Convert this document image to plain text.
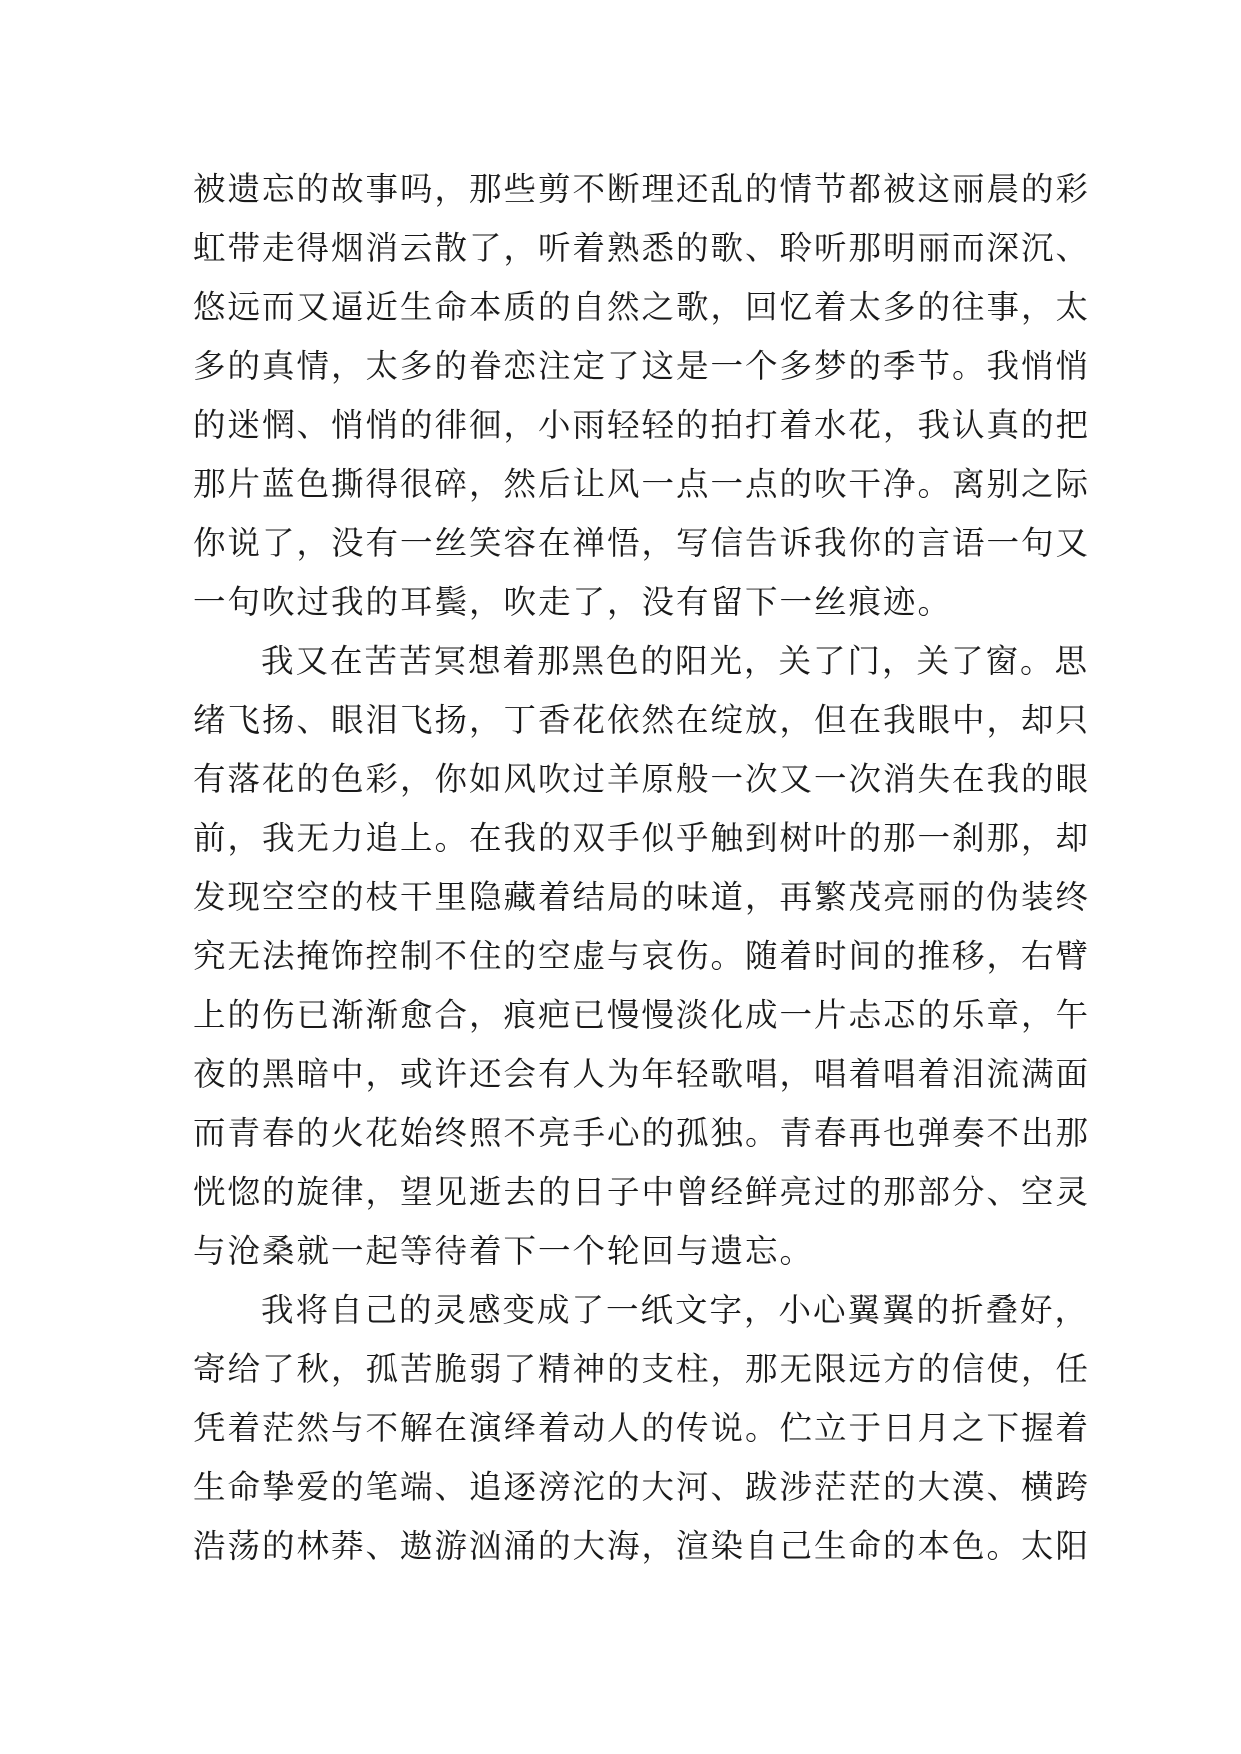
被遗忘的故事吗，那些剪不断理还乱的情节都被这丽晨的彩
虹带走得烟消云散了，听着熟悉的歌、聆听那明丽而深沉、
悠远而又逼近生命本质的自然之歌，回忆着太多的往事，太
多的真情，太多的眷恋注定了这是一个多梦的季节。我悄悄
的迷惘、悄悄的徘徊，小雨轻轻的拍打着水花，我认真的把
那片蓝色撕得很碎，然后让风一点一点的吹干净。离别之际
你说了，没有一丝笑容在禅悟，写信告诉我你的言语一句又
一句吹过我的耳鬓，吹走了，没有留下一丝痕迹。
我又在苦苦冥想着那黑色的阳光，关了门，关了窗。思
绪飞扬、眼泪飞扬，丁香花依然在绽放，但在我眼中，却只
有落花的色彩，你如风吹过羊原般一次又一次消失在我的眼
前，我无力追上。在我的双手似乎触到树叶的那一刹那，却
发现空空的枝干里隐藏着结局的味道，再繁茂亮丽的伪装终
究无法掩饰控制不住的空虚与哀伤。随着时间的推移，右臂
上的伤已渐渐愈合，痕疤已慢慢淡化成一片忐忑的乐章，午
夜的黑暗中，或许还会有人为年轻歌唱，唱着唱着泪流满面
而青春的火花始终照不亮手心的孤独。青春再也弹奏不出那
恍惚的旋律，望见逝去的日子中曾经鲜亮过的那部分、空灵
与沧桑就一起等待着下一个轮回与遗忘。
我将自己的灵感变成了一纸文字，小心翼翼的折叠好，
寄给了秋，孤苦脆弱了精神的支柱，那无限远方的信使，任
凭着茫然与不解在演绎着动人的传说。伫立于日月之下握着
生命挚爱的笔端、追逐滂沱的大河、跋涉茫茫的大漠、横跨
浩荡的林莽、遨游汹涌的大海，渲染自己生命的本色。太阳
